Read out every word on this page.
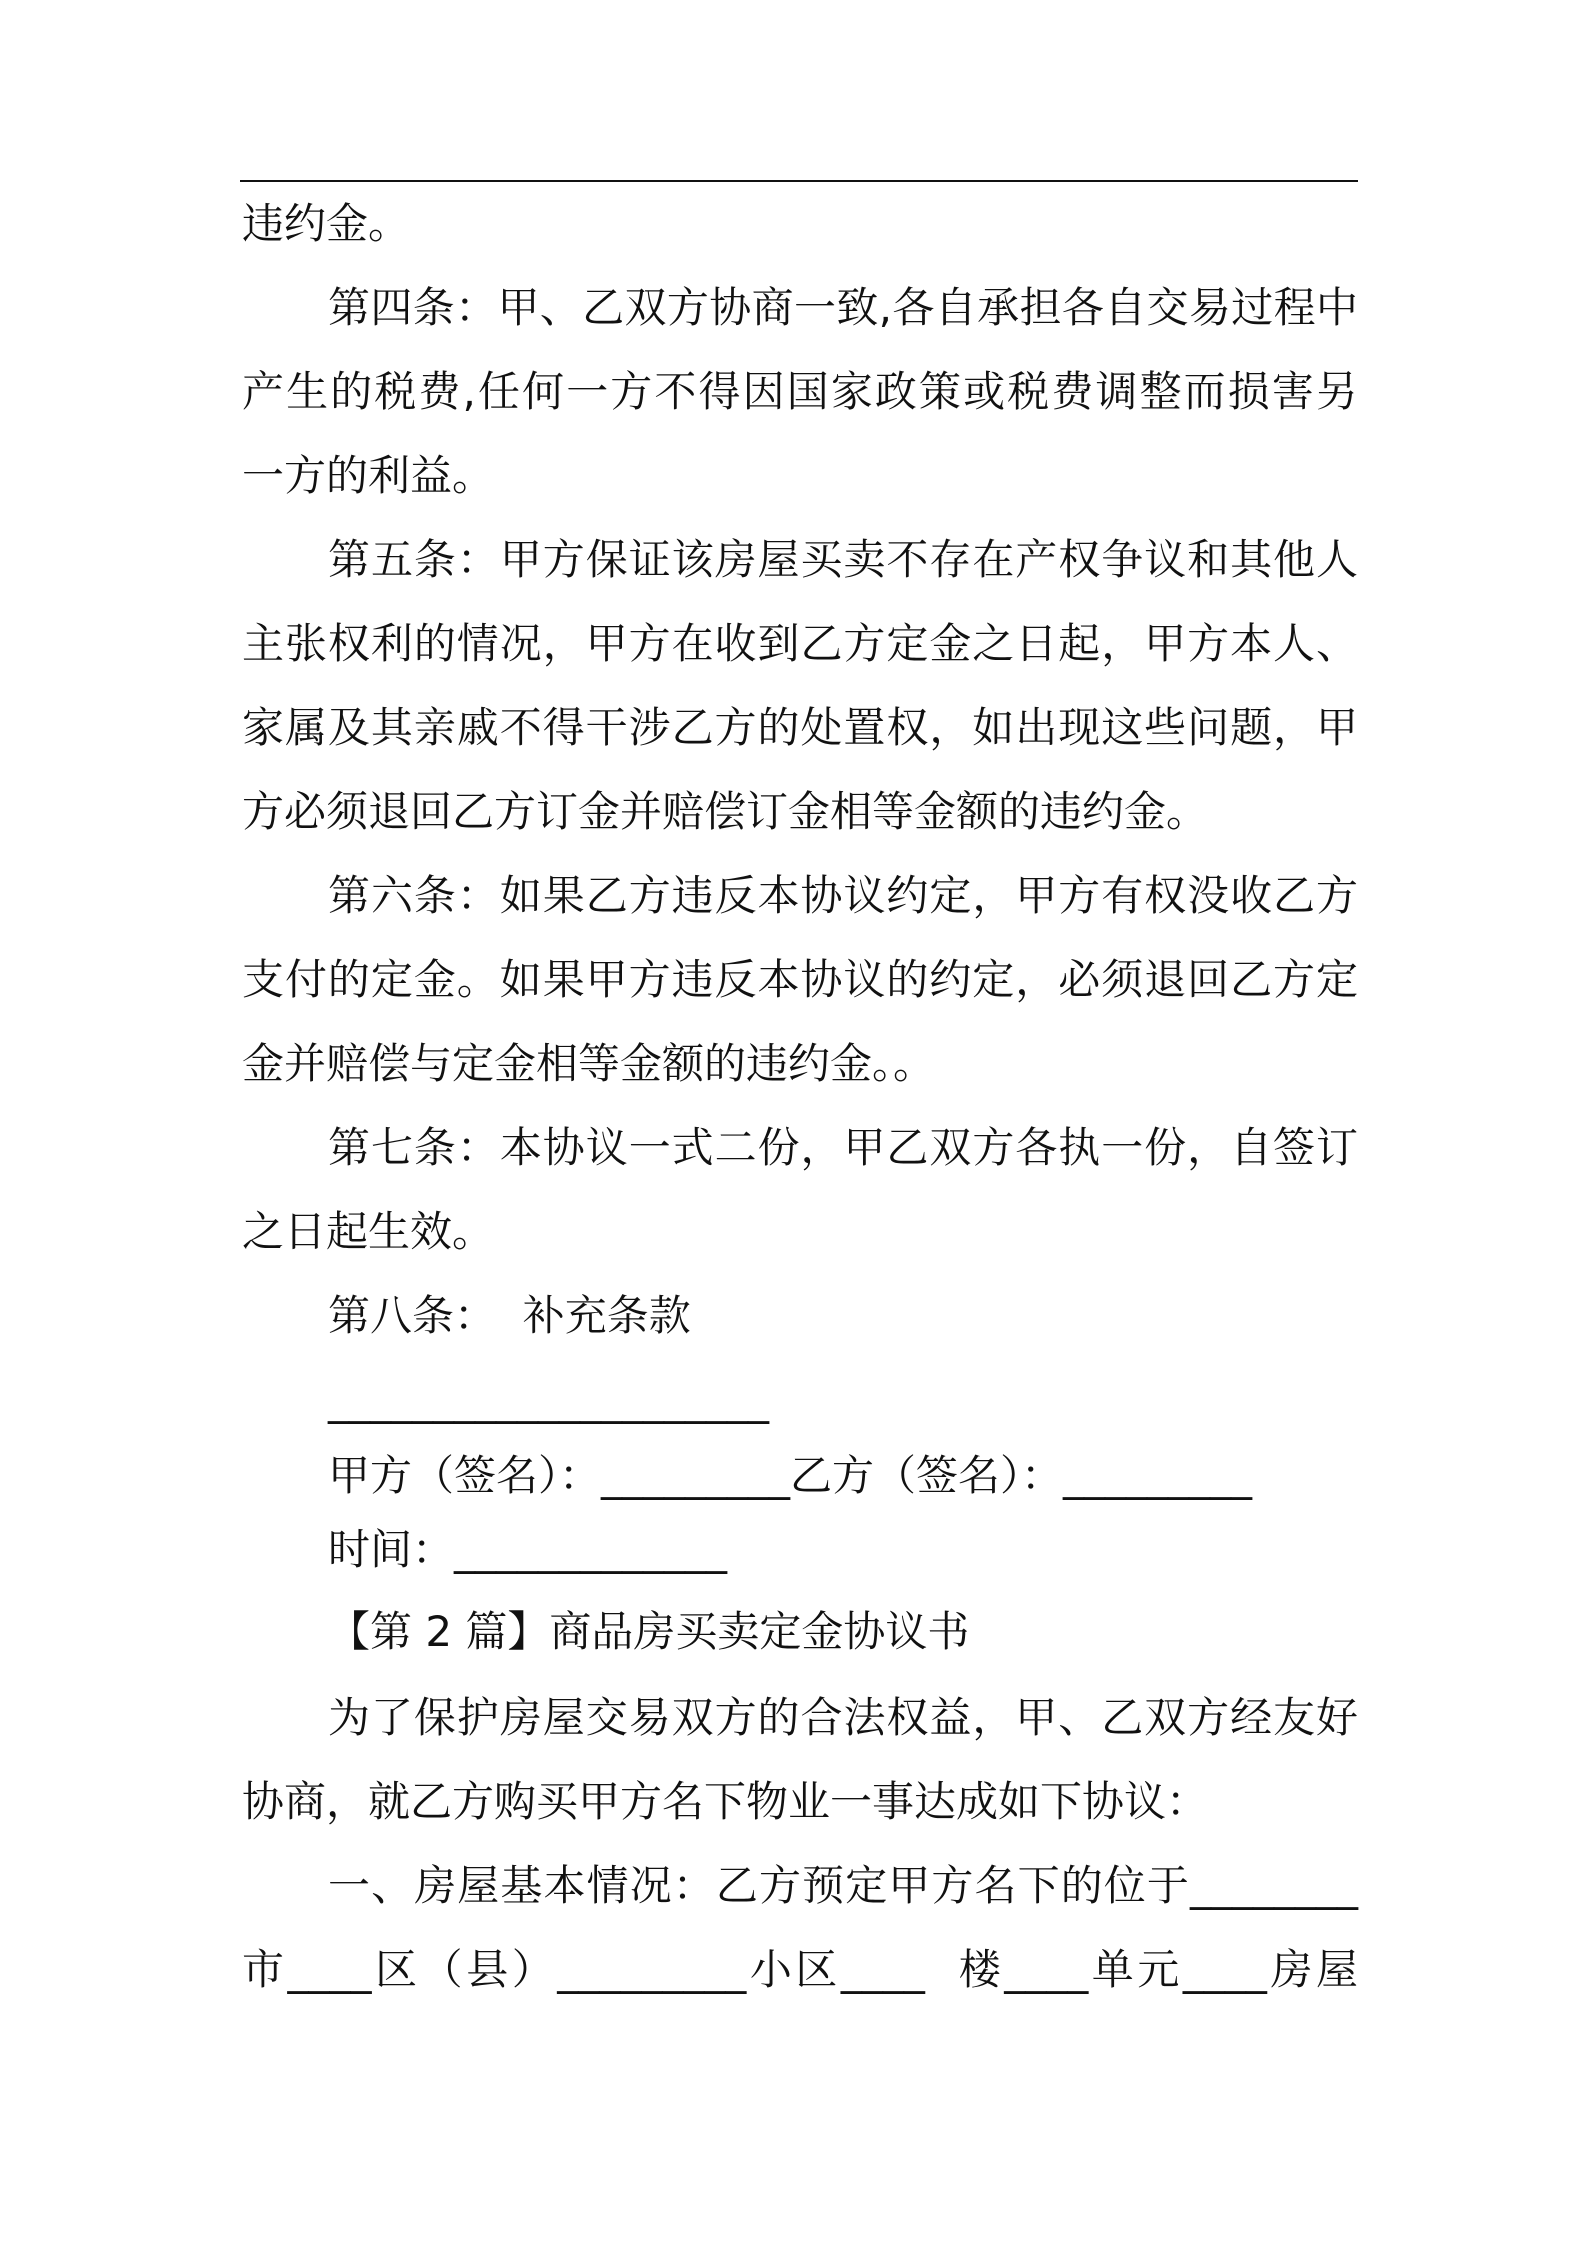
违约金。

第四条：甲、乙双方协商一致,各自承担各自交易过程中

产生的税费,任何一方不得因国家政策或税费调整而损害另

一方的利益。

第五条：甲方保证该房屋买卖不存在产权争议和其他人

主张权利的情况，甲方在收到乙方定金之日起，甲方本人、

家属及其亲戚不得干涉乙方的处置权，如出现这些问题，甲

方必须退回乙方订金并赔偿订金相等金额的违约金。

第六条：如果乙方违反本协议约定，甲方有权没收乙方

支付的定金。如果甲方违反本协议的约定，必须退回乙方定

金并赔偿与定金相等金额的违约金。。

第七条：本协议一式二份，甲乙双方各执一份，自签订

之日起生效。

第八条：  补充条款

_____________________

甲方（签名）：_________乙方（签名）：_________

时间：_____________

【第 2 篇】商品房买卖定金协议书

为了保护房屋交易双方的合法权益，甲、乙双方经友好

协商，就乙方购买甲方名下物业一事达成如下协议：

一、房屋基本情况：乙方预定甲方名下的位于________

市____区（县）_________小区____  楼____单元____房屋
